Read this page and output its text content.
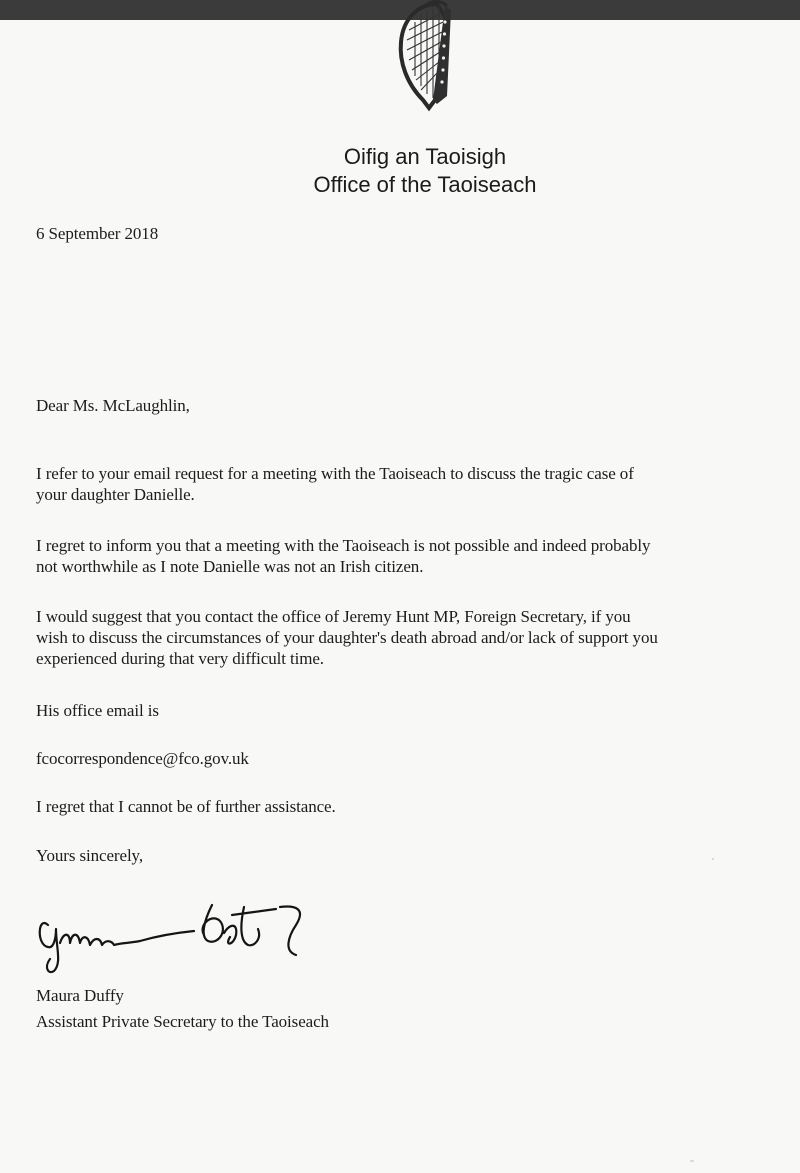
Oifig an Taoisigh
Office of the Taoiseach
6 September 2018
Dear Ms. McLaughlin,
I refer to your email request for a meeting with the Taoiseach to discuss the tragic case of
your daughter Danielle.
I regret to inform you that a meeting with the Taoiseach is not possible and indeed probably
not worthwhile as I note Danielle was not an Irish citizen.
I would suggest that you contact the office of Jeremy Hunt MP, Foreign Secretary, if you
wish to discuss the circumstances of your daughter's death abroad and/or lack of support you
experienced during that very difficult time.
His office email is
fcocorrespondence@fco.gov.uk
I regret that I cannot be of further assistance.
Yours sincerely,
Maura Duffy
Assistant Private Secretary to the Taoiseach
